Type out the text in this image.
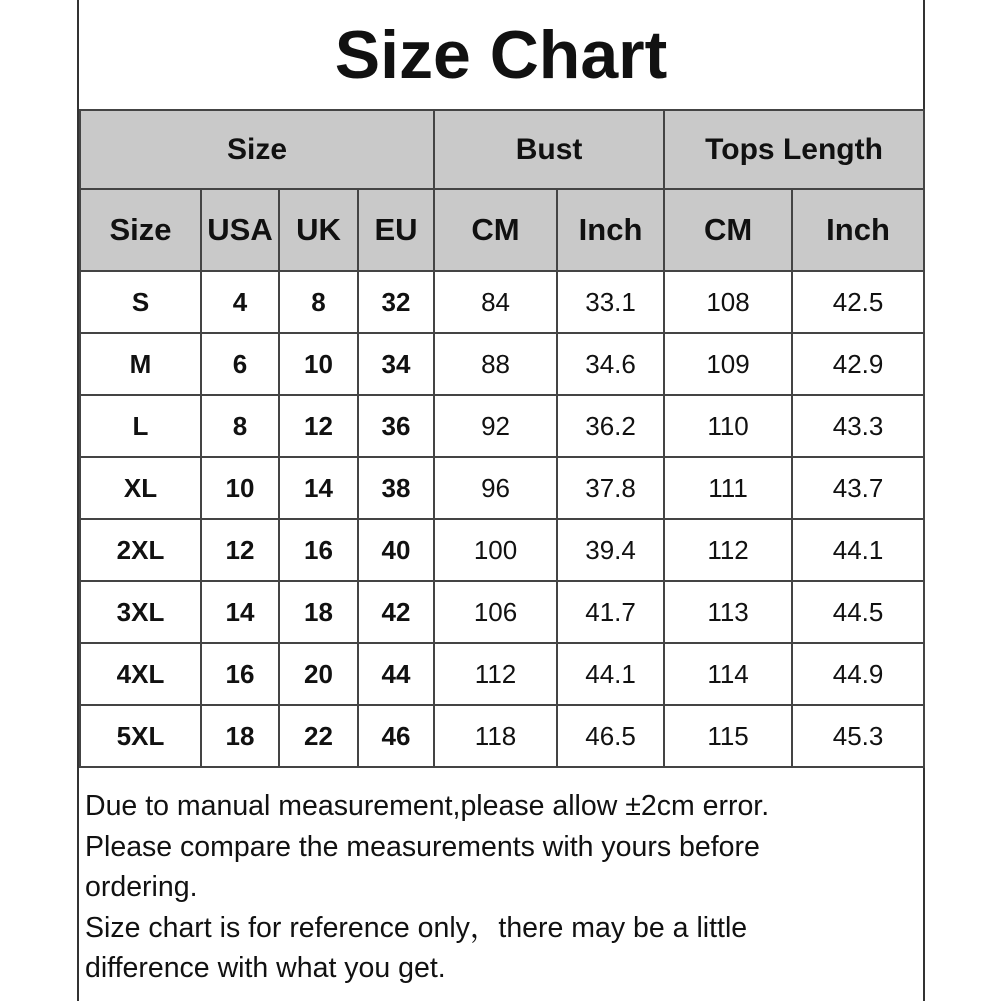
Size Chart
Size				Bust		Tops Length	
Size	USA	UK	EU	CM	Inch	CM	Inch
S	4	8	32	84	33.1	108	42.5
M	6	10	34	88	34.6	109	42.9
L	8	12	36	92	36.2	110	43.3
XL	10	14	38	96	37.8	111	43.7
2XL	12	16	40	100	39.4	112	44.1
3XL	14	18	42	106	41.7	113	44.5
4XL	16	20	44	112	44.1	114	44.9
5XL	18	22	46	118	46.5	115	45.3
Due to manual measurement,please allow ±2cm error.
Please compare the measurements with yours before
ordering.
Size chart is for reference only，there may be a little
difference with what you get.
